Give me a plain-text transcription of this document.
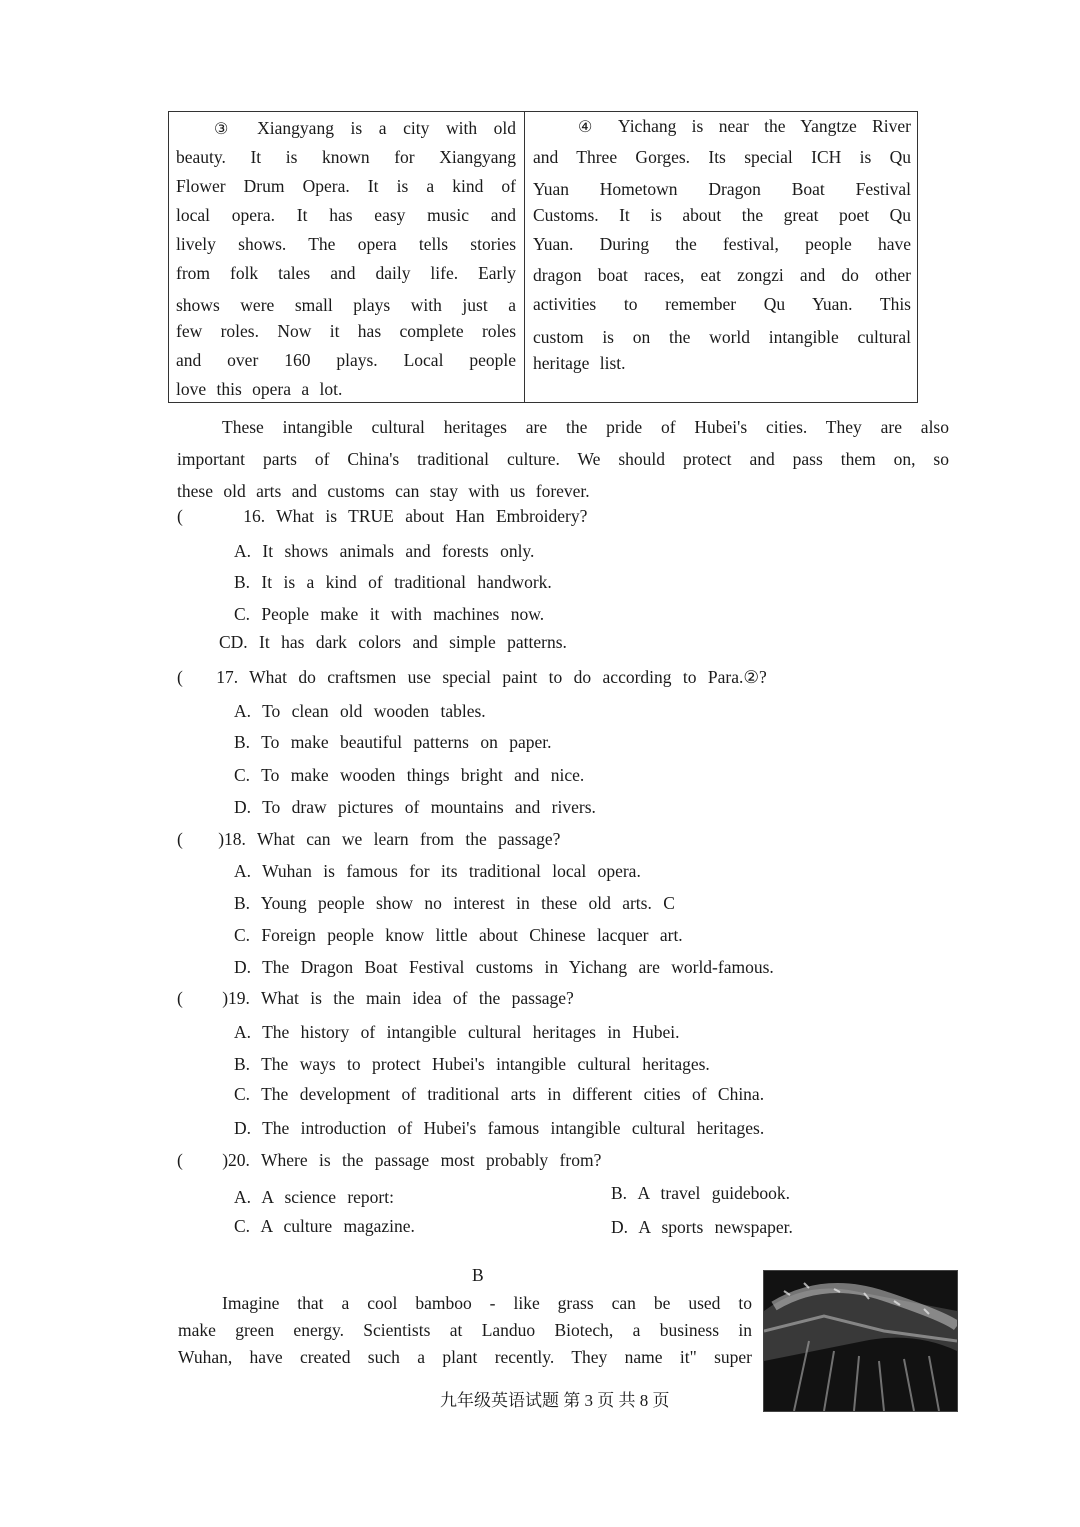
③ Xiangyang is a city with old
beauty. It is known for Xiangyang
Flower Drum Opera. It is a kind of
local opera. It has easy music and
lively shows. The opera tells stories
from folk tales and daily life. Early
shows were small plays with just a
few roles. Now it has complete roles
and over 160 plays. Local people
love this opera a lot.
④ Yichang is near the Yangtze River
and Three Gorges. Its special ICH is Qu
Yuan Hometown Dragon Boat Festival
Customs. It is about the great poet Qu
Yuan. During the festival, people have
dragon boat races, eat zongzi and do other
activities to remember Qu Yuan. This
custom is on the world intangible cultural
heritage list.
These intangible cultural heritages are the pride of Hubei's cities. They are also
important parts of China's traditional culture. We should protect and pass them on, so
these old arts and customs can stay with us forever.
(	16. What is TRUE about Han Embroidery?
A. It shows animals and forests only.
B. It is a kind of traditional handwork.
C. People make it with machines now.
CD. It has dark colors and simple patterns.
( 17. What do craftsmen use special paint to do according to Para.②?
A. To clean old wooden tables.
B. To make beautiful patterns on paper.
C. To make wooden things bright and nice.
D. To draw pictures of mountains and rivers.
( )18. What can we learn from the passage?
A. Wuhan is famous for its traditional local opera.
B. Young people show no interest in these old arts. C
C. Foreign people know little about Chinese lacquer art.
D. The Dragon Boat Festival customs in Yichang are world-famous.
( )19. What is the main idea of the passage?
A. The history of intangible cultural heritages in Hubei.
B. The ways to protect Hubei's intangible cultural heritages.
C. The development of traditional arts in different cities of China.
D. The introduction of Hubei's famous intangible cultural heritages.
( )20. Where is the passage most probably from?
A. A science report:	B. A travel guidebook.
C. A culture magazine.	D. A sports newspaper.
B
Imagine that a cool bamboo - like grass can be used to
make green energy. Scientists at Landuo Biotech, a business in
Wuhan, have created such a plant recently. They name it" super
九年级英语试题 第 3 页 共 8 页
